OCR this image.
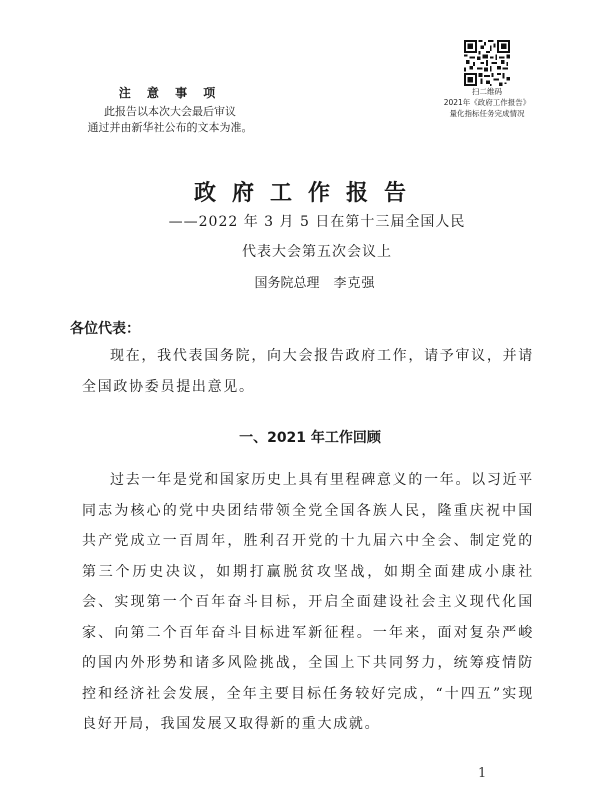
注 意 事 项
此报告以本次大会最后审议
通过并由新华社公布的文本为准。
扫二维码
2021年《政府工作报告》
量化指标任务完成情况
政府工作报告
——2022 年 3 月 5 日在第十三届全国人民
代表大会第五次会议上
国务院总理 李克强
各位代表：
现在，我代表国务院，向大会报告政府工作，请予审议，并请全国政协委员提出意见。
一、2021 年工作回顾
过去一年是党和国家历史上具有里程碑意义的一年。以习近平同志为核心的党中央团结带领全党全国各族人民，隆重庆祝中国共产党成立一百周年，胜利召开党的十九届六中全会、制定党的第三个历史决议，如期打赢脱贫攻坚战，如期全面建成小康社会、实现第一个百年奋斗目标，开启全面建设社会主义现代化国家、向第二个百年奋斗目标进军新征程。一年来，面对复杂严峻的国内外形势和诸多风险挑战，全国上下共同努力，统筹疫情防控和经济社会发展，全年主要目标任务较好完成，“十四五”实现良好开局，我国发展又取得新的重大成就。
1
